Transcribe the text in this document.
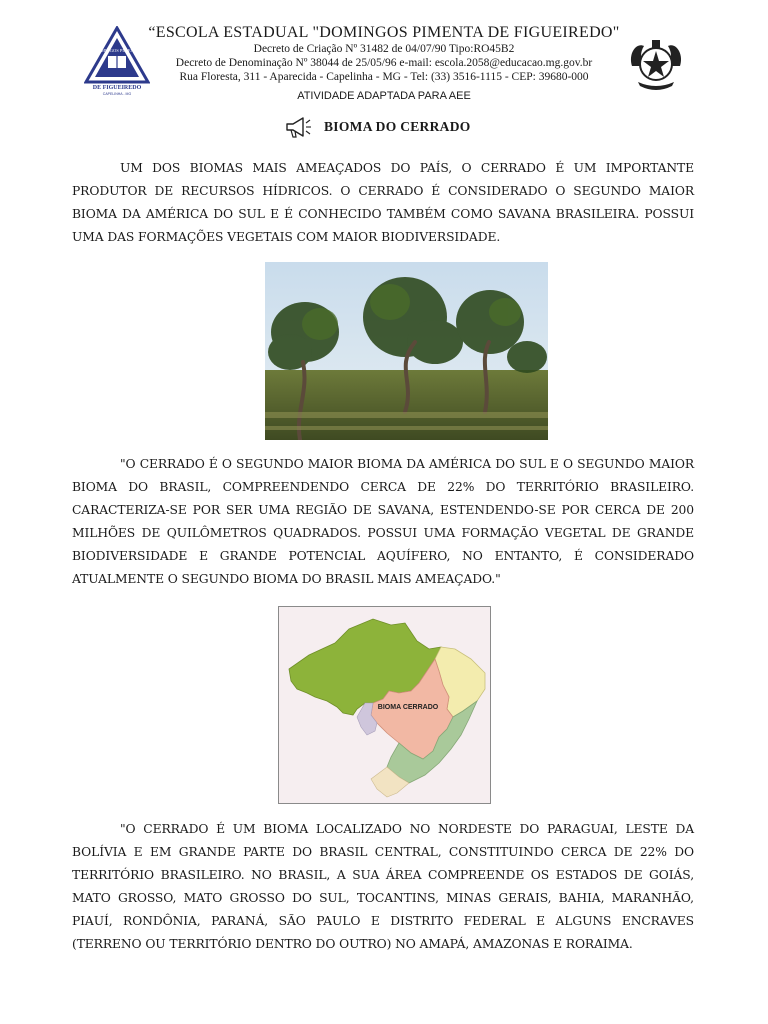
DOMINGOS PIMENTA
DE FIGUEIREDO
CAPELINHA - MG
“ESCOLA ESTADUAL "DOMINGOS PIMENTA DE FIGUEIREDO"
Decreto de Criação Nº 31482 de 04/07/90 Tipo:RO45B2
Decreto de Denominação Nº 38044 de 25/05/96 e-mail: escola.2058@educacao.mg.gov.br
Rua Floresta, 311 - Aparecida - Capelinha - MG - Tel: (33) 3516-1115 - CEP: 39680-000
ATIVIDADE ADAPTADA PARA AEE
BIOMA DO CERRADO

UM DOS BIOMAS MAIS AMEAÇADOS DO PAÍS, O CERRADO É UM IMPORTANTE PRODUTOR DE RECURSOS HÍDRICOS. O CERRADO É CONSIDERADO O SEGUNDO MAIOR BIOMA DA AMÉRICA DO SUL E É CONHECIDO TAMBÉM COMO SAVANA BRASILEIRA. POSSUI UMA DAS FORMAÇÕES VEGETAIS COM MAIOR BIODIVERSIDADE.

"O CERRADO É O SEGUNDO MAIOR BIOMA DA AMÉRICA DO SUL E O SEGUNDO MAIOR BIOMA DO BRASIL, COMPREENDENDO CERCA DE 22% DO TERRITÓRIO BRASILEIRO. CARACTERIZA-SE POR SER UMA REGIÃO DE SAVANA, ESTENDENDO-SE POR CERCA DE 200 MILHÕES DE QUILÔMETROS QUADRADOS. POSSUI UMA FORMAÇÃO VEGETAL DE GRANDE BIODIVERSIDADE E GRANDE POTENCIAL AQUÍFERO, NO ENTANTO, É CONSIDERADO ATUALMENTE O SEGUNDO BIOMA DO BRASIL MAIS AMEAÇADO."

BIOMA CERRADO

"O CERRADO É UM BIOMA LOCALIZADO NO NORDESTE DO PARAGUAI, LESTE DA BOLÍVIA E EM GRANDE PARTE DO BRASIL CENTRAL, CONSTITUINDO CERCA DE 22% DO TERRITÓRIO BRASILEIRO. NO BRASIL, A SUA ÁREA COMPREENDE OS ESTADOS DE GOIÁS, MATO GROSSO, MATO GROSSO DO SUL, TOCANTINS, MINAS GERAIS, BAHIA, MARANHÃO, PIAUÍ, RONDÔNIA, PARANÁ, SÃO PAULO E DISTRITO FEDERAL E ALGUNS ENCRAVES (TERRENO OU TERRITÓRIO DENTRO DO OUTRO) NO AMAPÁ, AMAZONAS E RORAIMA.
